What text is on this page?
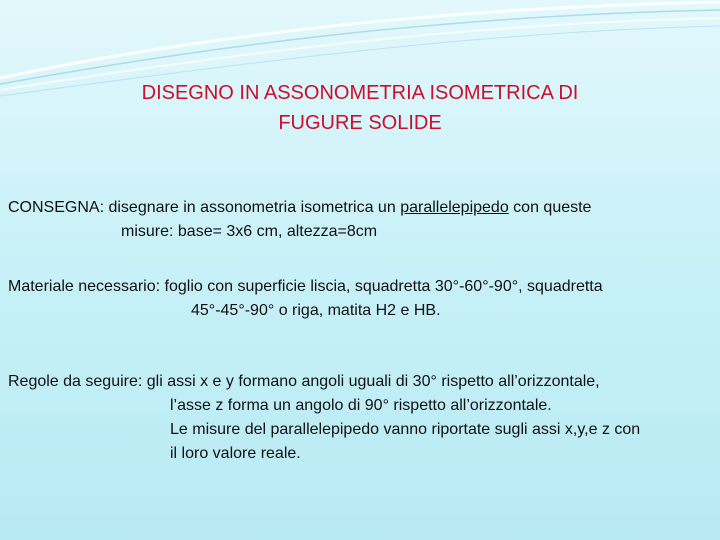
DISEGNO IN ASSONOMETRIA ISOMETRICA DI
FUGURE SOLIDE
CONSEGNA: disegnare in assonometria isometrica un parallelepipedo con queste
misure: base= 3x6 cm, altezza=8cm
Materiale necessario: foglio con superficie liscia, squadretta 30°-60°-90°, squadretta
45°-45°-90° o riga, matita H2 e HB.
Regole da seguire: gli assi x e y formano angoli uguali di 30° rispetto all’orizzontale,
l’asse z forma un angolo di 90° rispetto all’orizzontale.
Le misure del parallelepipedo vanno riportate sugli assi x,y,e z con
il loro valore reale.
